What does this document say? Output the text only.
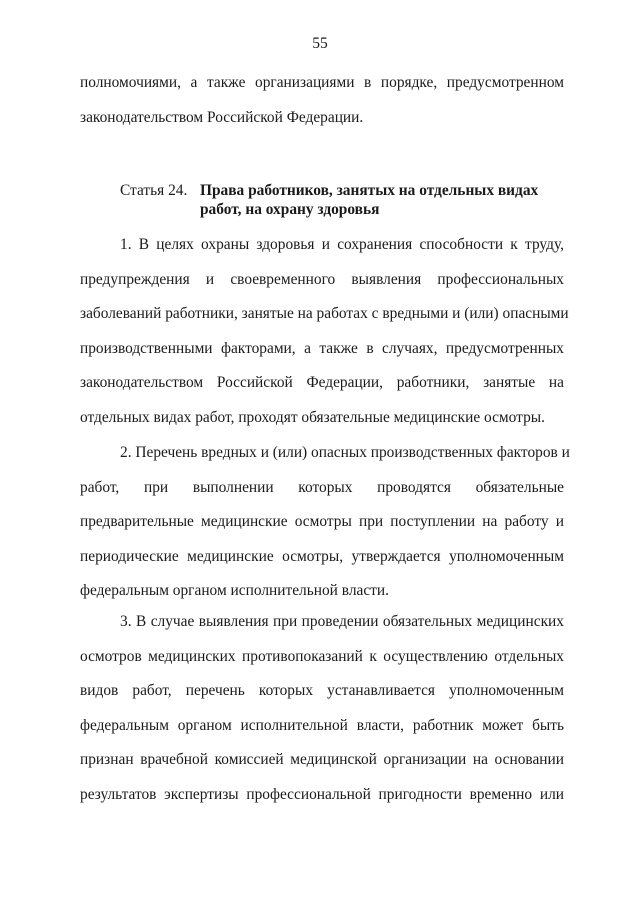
55
полномочиями, а также организациями в порядке, предусмотренном
законодательством Российской Федерации.
Статья 24. Права работников, занятых на отдельных видах
работ, на охрану здоровья
1. В целях охраны здоровья и сохранения способности к труду,
предупреждения и своевременного выявления профессиональных
заболеваний работники, занятые на работах с вредными и (или) опасными
производственными факторами, а также в случаях, предусмотренных
законодательством Российской Федерации, работники, занятые на
отдельных видах работ, проходят обязательные медицинские осмотры.
2. Перечень вредных и (или) опасных производственных факторов и
работ, при выполнении которых проводятся обязательные
предварительные медицинские осмотры при поступлении на работу и
периодические медицинские осмотры, утверждается уполномоченным
федеральным органом исполнительной власти.
3. В случае выявления при проведении обязательных медицинских
осмотров медицинских противопоказаний к осуществлению отдельных
видов работ, перечень которых устанавливается уполномоченным
федеральным органом исполнительной власти, работник может быть
признан врачебной комиссией медицинской организации на основании
результатов экспертизы профессиональной пригодности временно или
